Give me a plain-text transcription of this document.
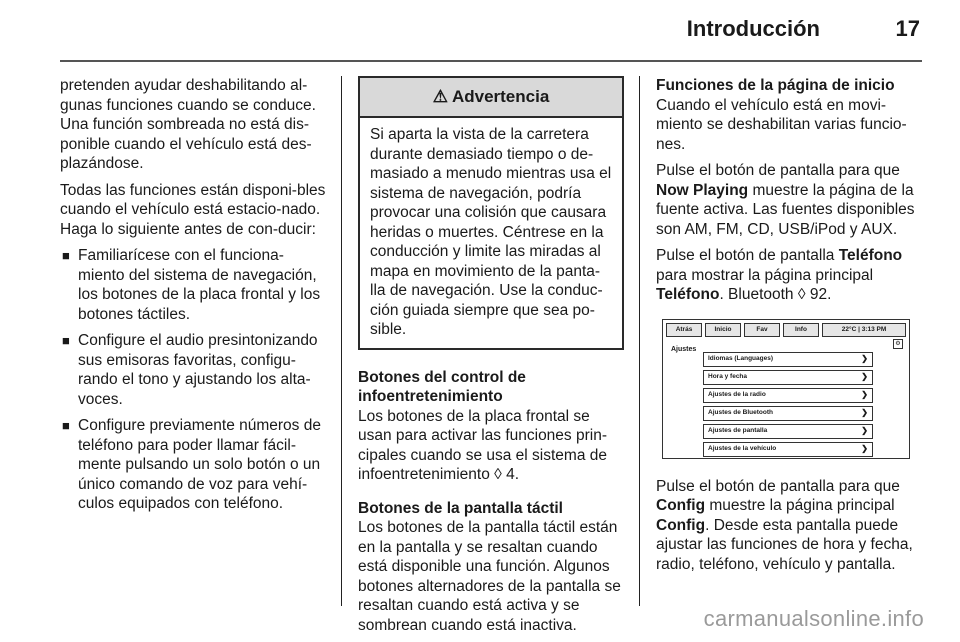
Introducción	17

pretenden ayudar deshabilitando al-gunas funciones cuando se conduce. Una función sombreada no está dis-ponible cuando el vehículo está des-plazándose.

Todas las funciones están disponi-bles cuando el vehículo está estacio-nado. Haga lo siguiente antes de con-ducir:

■ Familiarícese con el funciona-miento del sistema de navegación, los botones de la placa frontal y los botones táctiles.
■ Configure el audio presintonizando sus emisoras favoritas, configu-rando el tono y ajustando los alta-voces.
■ Configure previamente números de teléfono para poder llamar fácil-mente pulsando un solo botón o un único comando de voz para vehí-culos equipados con teléfono.
⚠ Advertencia
Si aparta la vista de la carretera durante demasiado tiempo o de-masiado a menudo mientras usa el sistema de navegación, podría provocar una colisión que causara heridas o muertes. Céntrese en la conducción y limite las miradas al mapa en movimiento de la panta-lla de navegación. Use la conduc-ción guiada siempre que sea po-sible.
Botones del control de infoentretenimiento

Los botones de la placa frontal se usan para activar las funciones prin-cipales cuando se usa el sistema de infoentretenimiento ◊ 4.

Botones de la pantalla táctil

Los botones de la pantalla táctil están en la pantalla y se resaltan cuando está disponible una función. Algunos botones alternadores de la pantalla se resaltan cuando está activa y se sombrean cuando está inactiva.

Funciones de la página de inicio

Cuando el vehículo está en movi-miento se deshabilitan varias funcio-nes.

Pulse el botón de pantalla para que Now Playing muestre la página de la fuente activa. Las fuentes disponibles son AM, FM, CD, USB/iPod y AUX.

Pulse el botón de pantalla Teléfono para mostrar la página principal Teléfono. Bluetooth ◊ 92.

Atrás	Inicio	Fav	Info	22°C | 3:13 PM
Ajustes
⚙
Idiomas (Languages)	❯
Hora y fecha	❯
Ajustes de la radio	❯
Ajustes de Bluetooth	❯
Ajustes de pantalla	❯
Ajustes de la vehículo	❯

Pulse el botón de pantalla para que Config muestre la página principal Config. Desde esta pantalla puede ajustar las funciones de hora y fecha, radio, teléfono, vehículo y pantalla.

carmanualsonline.info
